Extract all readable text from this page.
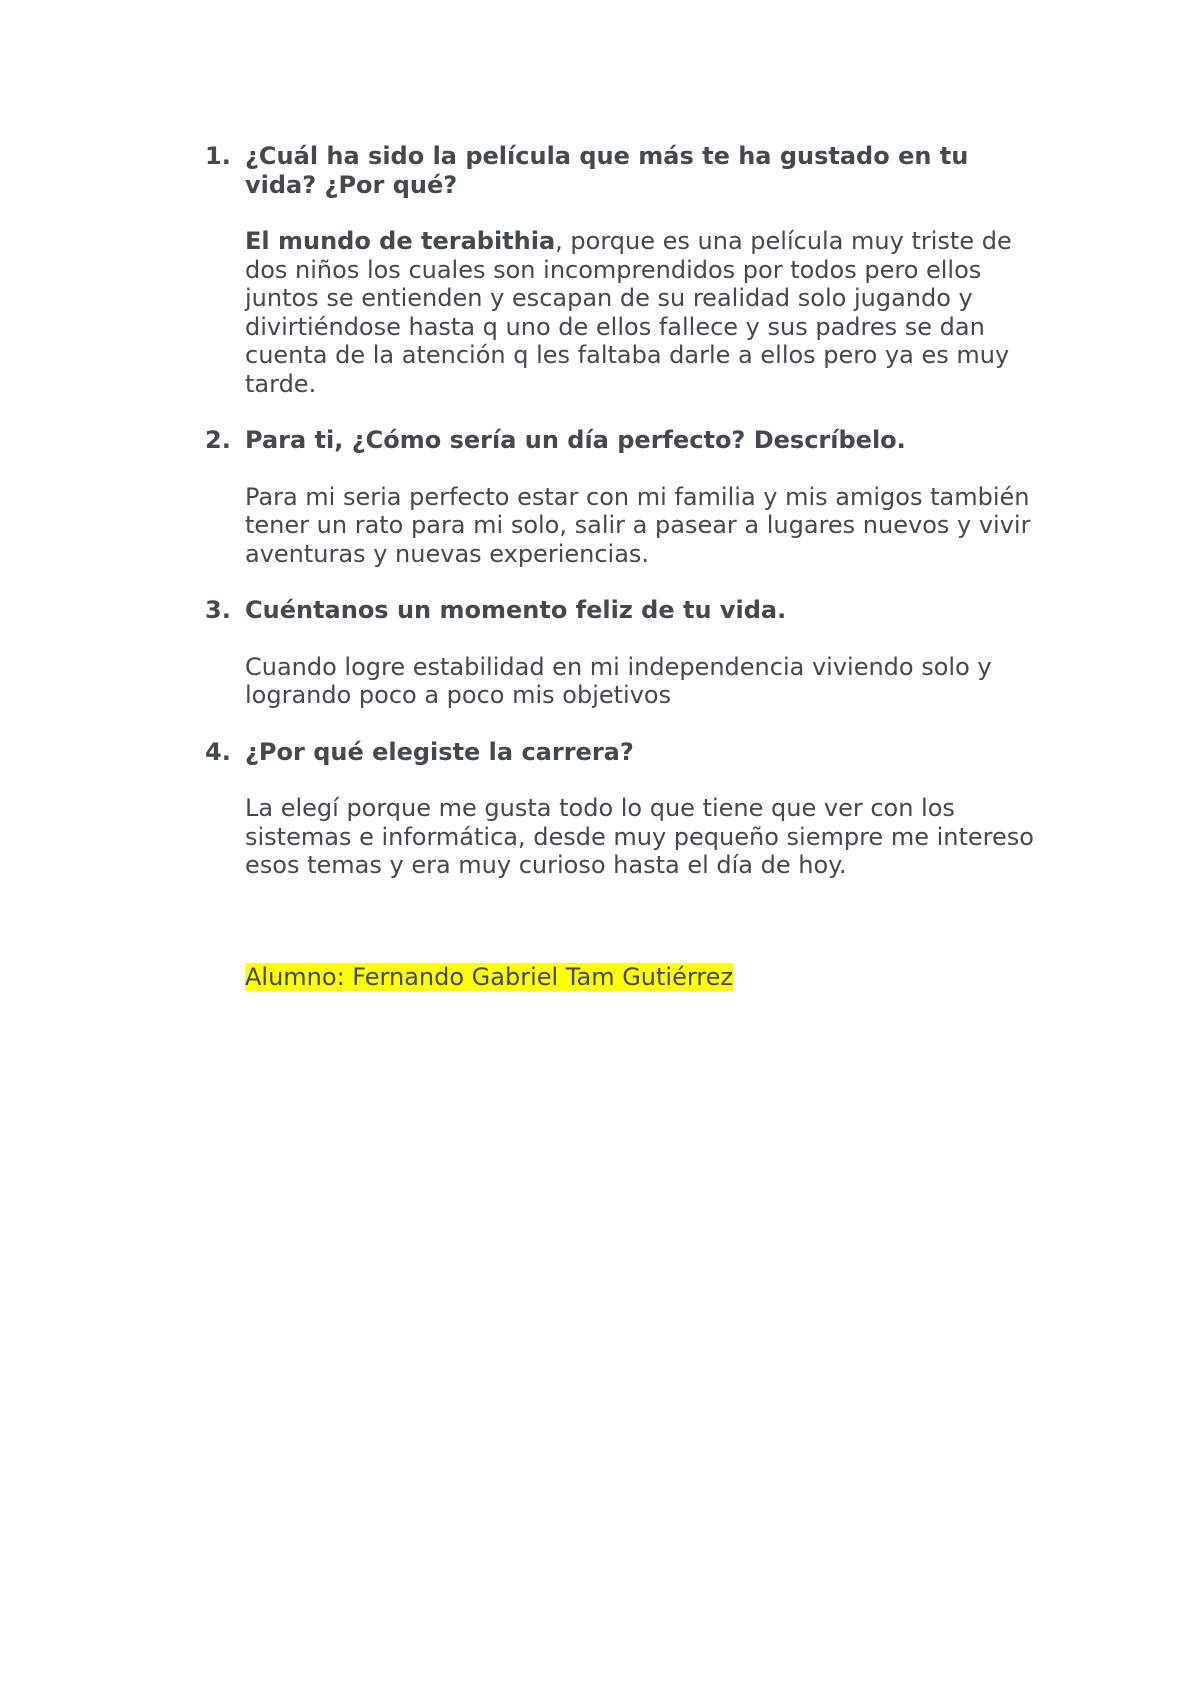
1. ¿Cuál ha sido la película que más te ha gustado en tu vida? ¿Por qué?

El mundo de terabithia, porque es una película muy triste de dos niños los cuales son incomprendidos por todos pero ellos juntos se entienden y escapan de su realidad solo jugando y divirtiéndose hasta q uno de ellos fallece y sus padres se dan cuenta de la atención q les faltaba darle a ellos pero ya es muy tarde.

2. Para ti, ¿Cómo sería un día perfecto? Descríbelo.

Para mi seria perfecto estar con mi familia y mis amigos también tener un rato para mi solo, salir a pasear a lugares nuevos y vivir aventuras y nuevas experiencias.

3. Cuéntanos un momento feliz de tu vida.

Cuando logre estabilidad en mi independencia viviendo solo y logrando poco a poco mis objetivos

4. ¿Por qué elegiste la carrera?

La elegí porque me gusta todo lo que tiene que ver con los sistemas e informática, desde muy pequeño siempre me intereso esos temas y era muy curioso hasta el día de hoy.

Alumno: Fernando Gabriel Tam Gutiérrez
